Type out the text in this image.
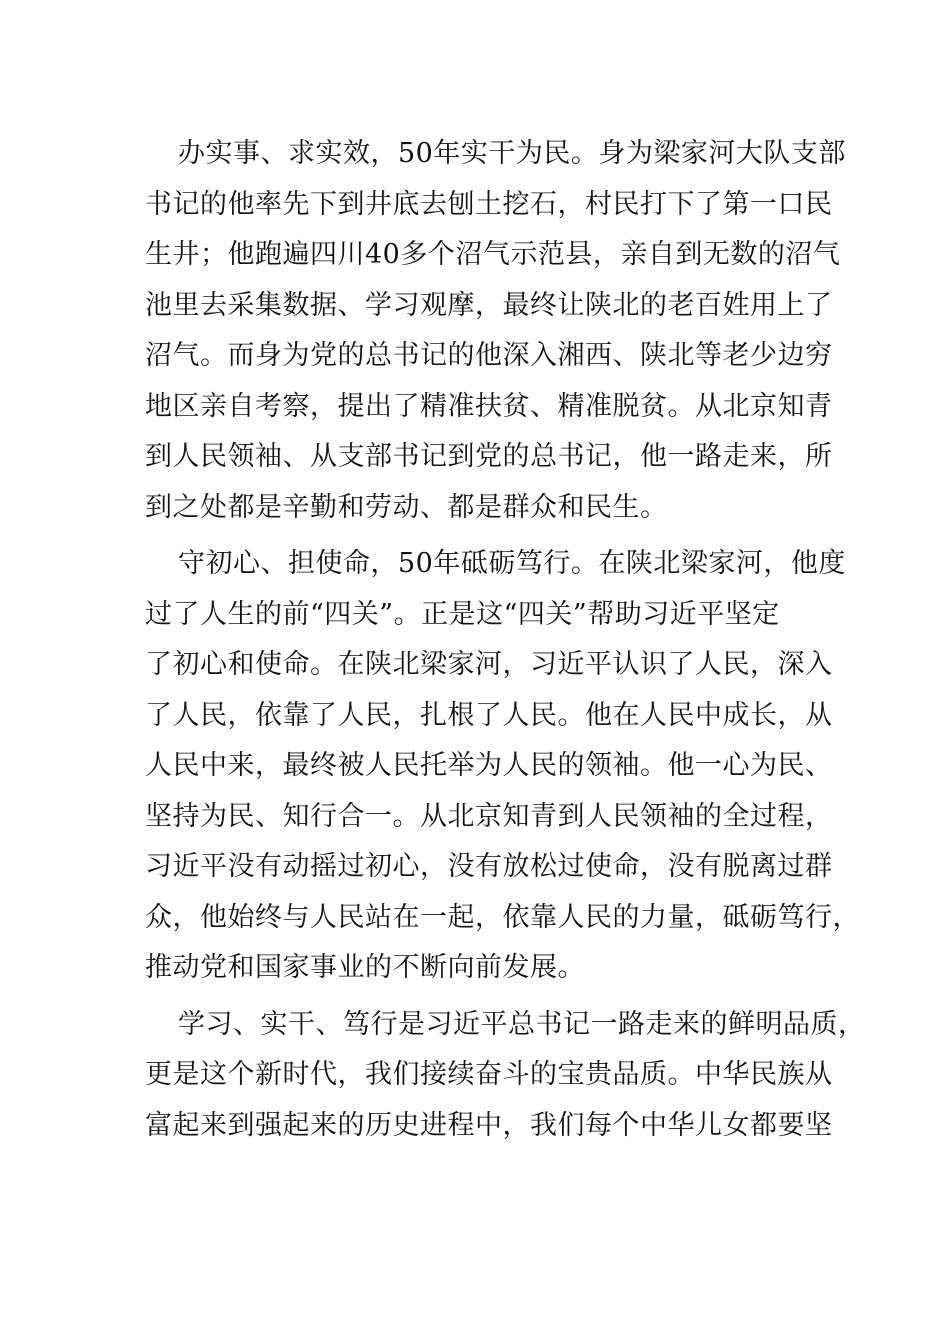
办实事、求实效，50年实干为民。身为梁家河大队支部
书记的他率先下到井底去刨土挖石，村民打下了第一口民
生井；他跑遍四川40多个沼气示范县，亲自到无数的沼气
池里去采集数据、学习观摩，最终让陕北的老百姓用上了
沼气。而身为党的总书记的他深入湘西、陕北等老少边穷
地区亲自考察，提出了精准扶贫、精准脱贫。从北京知青
到人民领袖、从支部书记到党的总书记，他一路走来，所
到之处都是辛勤和劳动、都是群众和民生。
守初心、担使命，50年砥砺笃行。在陕北梁家河，他度
过了人生的前“四关”。正是这“四关”帮助习近平坚定
了初心和使命。在陕北梁家河，习近平认识了人民，深入
了人民，依靠了人民，扎根了人民。他在人民中成长，从
人民中来，最终被人民托举为人民的领袖。他一心为民、
坚持为民、知行合一。从北京知青到人民领袖的全过程，
习近平没有动摇过初心，没有放松过使命，没有脱离过群
众，他始终与人民站在一起，依靠人民的力量，砥砺笃行，
推动党和国家事业的不断向前发展。
学习、实干、笃行是习近平总书记一路走来的鲜明品质，
更是这个新时代，我们接续奋斗的宝贵品质。中华民族从
富起来到强起来的历史进程中，我们每个中华儿女都要坚
